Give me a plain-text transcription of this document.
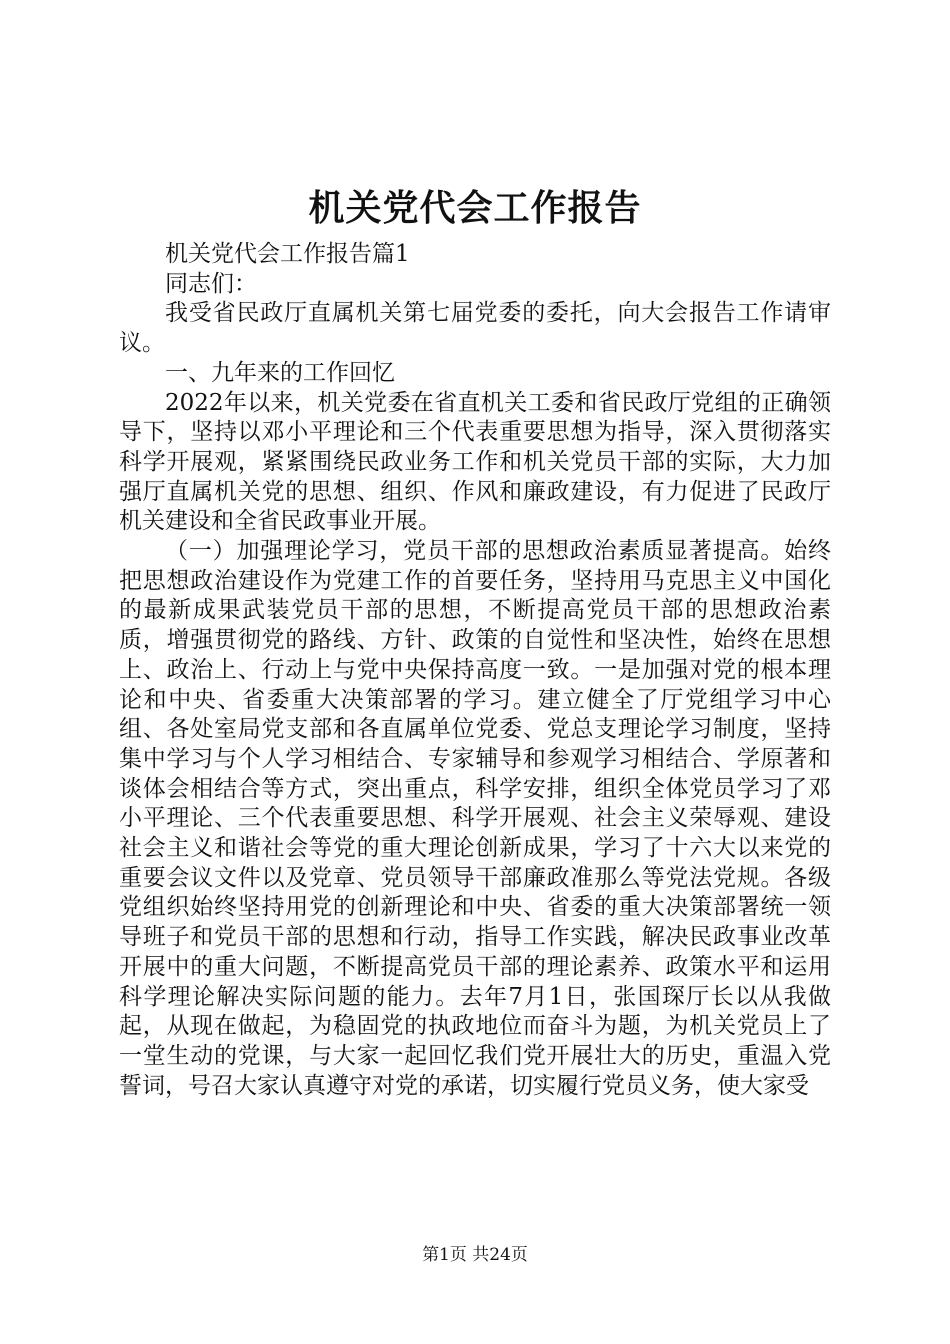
机关党代会工作报告

机关党代会工作报告篇1

同志们：

我受省民政厅直属机关第七届党委的委托，向大会报告工作请审议。

一、九年来的工作回忆

2022年以来，机关党委在省直机关工委和省民政厅党组的正确领导下，坚持以邓小平理论和三个代表重要思想为指导，深入贯彻落实科学开展观，紧紧围绕民政业务工作和机关党员干部的实际，大力加强厅直属机关党的思想、组织、作风和廉政建设，有力促进了民政厅机关建设和全省民政事业开展。

（一）加强理论学习，党员干部的思想政治素质显著提高。始终把思想政治建设作为党建工作的首要任务，坚持用马克思主义中国化的最新成果武装党员干部的思想，不断提高党员干部的思想政治素质，增强贯彻党的路线、方针、政策的自觉性和坚决性，始终在思想上、政治上、行动上与党中央保持高度一致。一是加强对党的根本理论和中央、省委重大决策部署的学习。建立健全了厅党组学习中心组、各处室局党支部和各直属单位党委、党总支理论学习制度，坚持集中学习与个人学习相结合、专家辅导和参观学习相结合、学原著和谈体会相结合等方式，突出重点，科学安排，组织全体党员学习了邓小平理论、三个代表重要思想、科学开展观、社会主义荣辱观、建设社会主义和谐社会等党的重大理论创新成果，学习了十六大以来党的重要会议文件以及党章、党员领导干部廉政准那么等党法党规。各级党组织始终坚持用党的创新理论和中央、省委的重大决策部署统一领导班子和党员干部的思想和行动，指导工作实践，解决民政事业改革开展中的重大问题，不断提高党员干部的理论素养、政策水平和运用科学理论解决实际问题的能力。去年7月1日，张国琛厅长以从我做起，从现在做起，为稳固党的执政地位而奋斗为题，为机关党员上了一堂生动的党课，与大家一起回忆我们党开展壮大的历史，重温入党誓词，号召大家认真遵守对党的承诺，切实履行党员义务，使大家受

第1页 共24页
